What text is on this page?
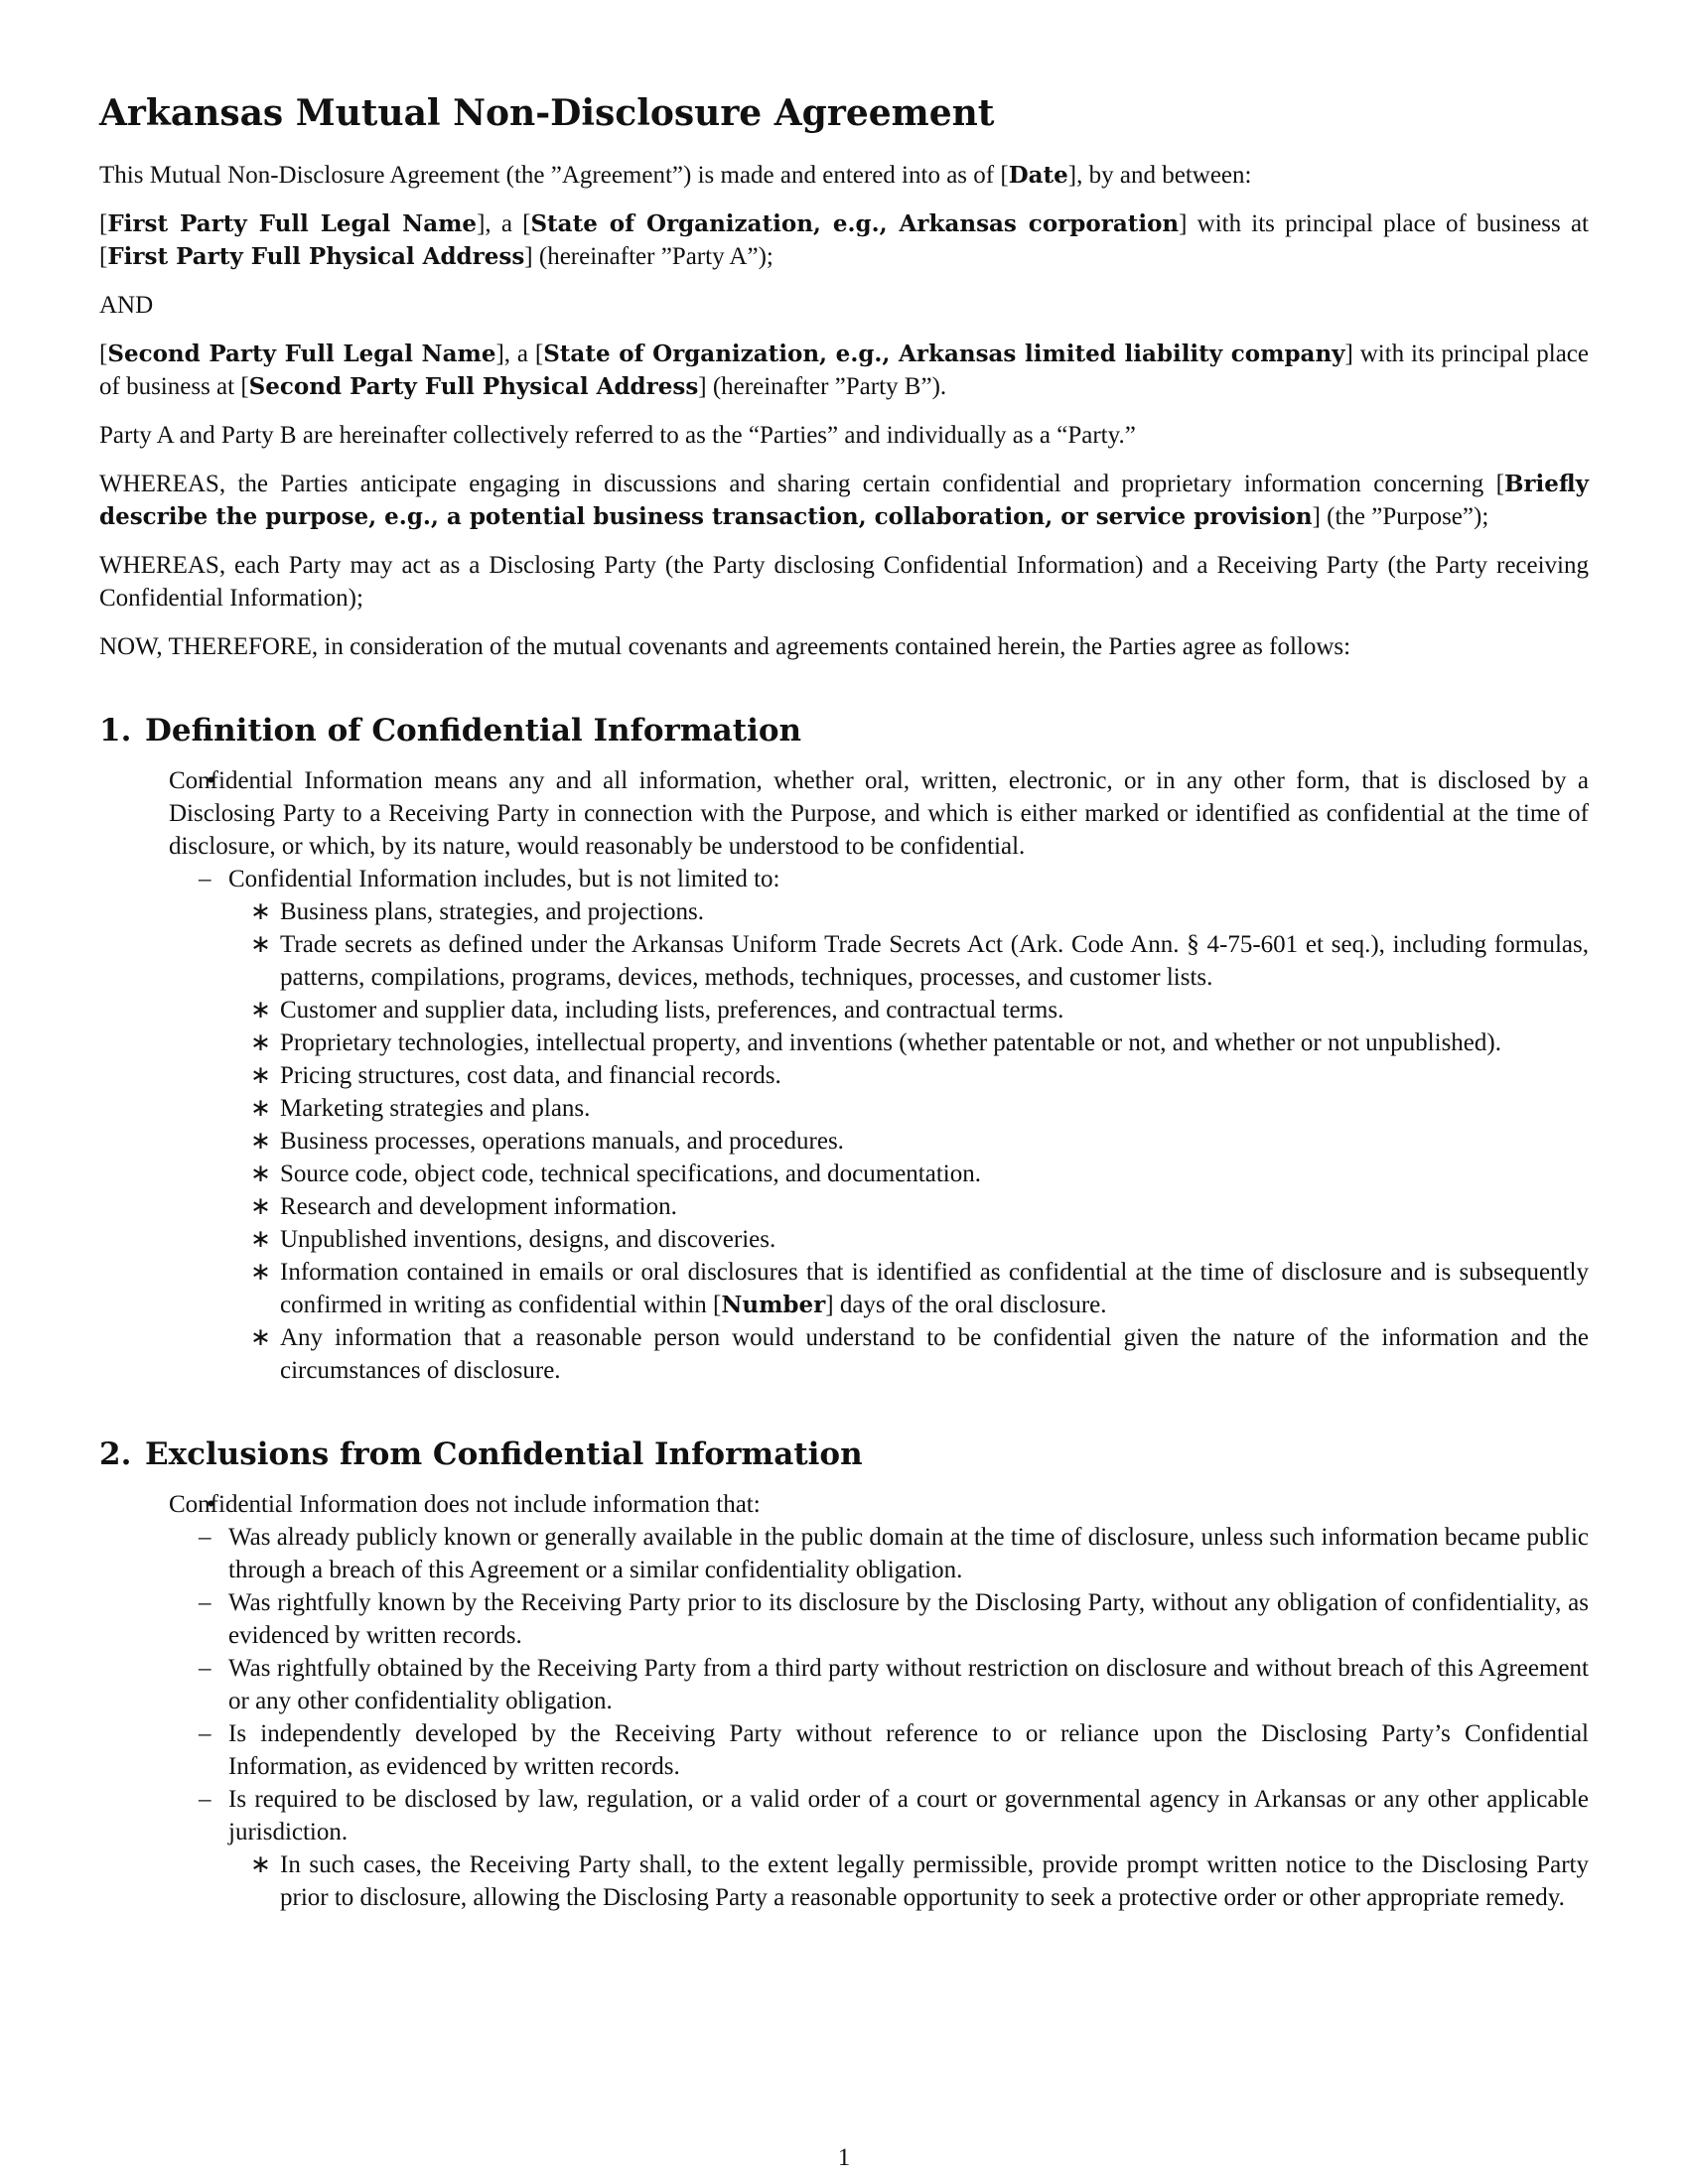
Arkansas Mutual Non-Disclosure Agreement

This Mutual Non-Disclosure Agreement (the ”Agreement”) is made and entered into as of [Date], by and between:

[First Party Full Legal Name], a [State of Organization, e.g., Arkansas corporation] with its principal place of business at [First Party Full Physical Address] (hereinafter ”Party A”);

AND

[Second Party Full Legal Name], a [State of Organization, e.g., Arkansas limited liability company] with its principal place of business at [Second Party Full Physical Address] (hereinafter ”Party B”).

Party A and Party B are hereinafter collectively referred to as the “Parties” and individually as a “Party.”

WHEREAS, the Parties anticipate engaging in discussions and sharing certain confidential and proprietary information concerning [Briefly describe the purpose, e.g., a potential business transaction, collaboration, or service provision] (the ”Purpose”);

WHEREAS, each Party may act as a Disclosing Party (the Party disclosing Confidential Information) and a Receiving Party (the Party receiving Confidential Information);

NOW, THEREFORE, in consideration of the mutual covenants and agreements contained herein, the Parties agree as follows:

1. Definition of Confidential Information
• Confidential Information means any and all information, whether oral, written, electronic, or in any other form, that is disclosed by a Disclosing Party to a Receiving Party in connection with the Purpose, and which is either marked or identified as confidential at the time of disclosure, or which, by its nature, would reasonably be understood to be confidential.
– Confidential Information includes, but is not limited to:
∗ Business plans, strategies, and projections.
∗ Trade secrets as defined under the Arkansas Uniform Trade Secrets Act (Ark. Code Ann. § 4-75-601 et seq.), including formulas, patterns, compilations, programs, devices, methods, techniques, processes, and customer lists.
∗ Customer and supplier data, including lists, preferences, and contractual terms.
∗ Proprietary technologies, intellectual property, and inventions (whether patentable or not, and whether or not unpublished).
∗ Pricing structures, cost data, and financial records.
∗ Marketing strategies and plans.
∗ Business processes, operations manuals, and procedures.
∗ Source code, object code, technical specifications, and documentation.
∗ Research and development information.
∗ Unpublished inventions, designs, and discoveries.
∗ Information contained in emails or oral disclosures that is identified as confidential at the time of disclosure and is subsequently confirmed in writing as confidential within [Number] days of the oral disclosure.
∗ Any information that a reasonable person would understand to be confidential given the nature of the information and the circumstances of disclosure.
2. Exclusions from Confidential Information
• Confidential Information does not include information that:
– Was already publicly known or generally available in the public domain at the time of disclosure, unless such information became public through a breach of this Agreement or a similar confidentiality obligation.
– Was rightfully known by the Receiving Party prior to its disclosure by the Disclosing Party, without any obligation of confidentiality, as evidenced by written records.
– Was rightfully obtained by the Receiving Party from a third party without restriction on disclosure and without breach of this Agreement or any other confidentiality obligation.
– Is independently developed by the Receiving Party without reference to or reliance upon the Disclosing Party’s Confidential Information, as evidenced by written records.
– Is required to be disclosed by law, regulation, or a valid order of a court or governmental agency in Arkansas or any other applicable jurisdiction.
∗ In such cases, the Receiving Party shall, to the extent legally permissible, provide prompt written notice to the Disclosing Party prior to disclosure, allowing the Disclosing Party a reasonable opportunity to seek a protective order or other appropriate remedy.
1
